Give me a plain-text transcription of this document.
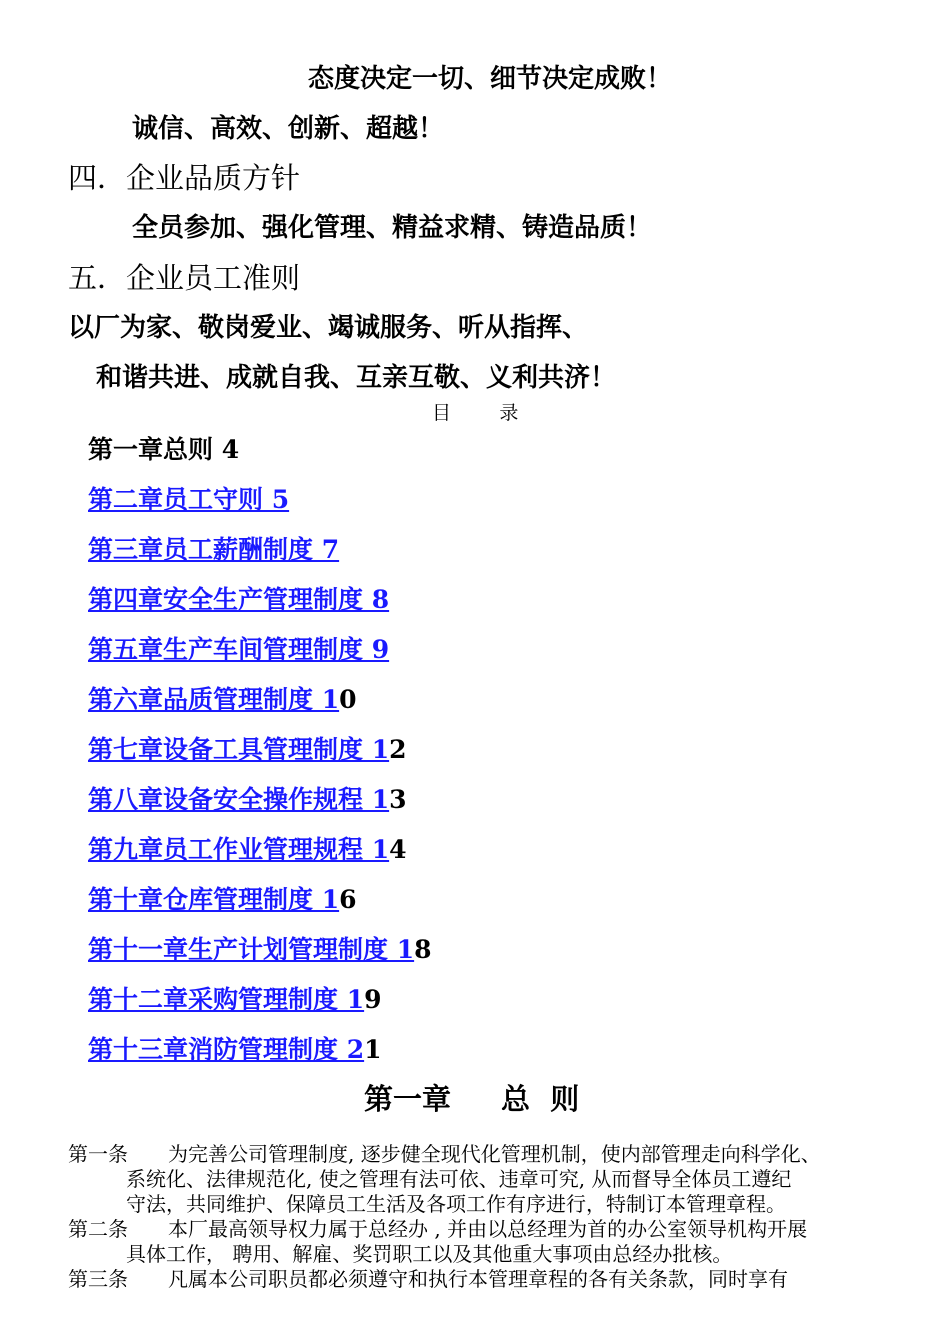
态度决定一切、细节决定成败！
诚信、高效、创新、超越！
四．企业品质方针
全员参加、强化管理、精益求精、铸造品质！
五．企业员工准则
以厂为家、敬岗爱业、竭诚服务、听从指挥、
和谐共进、成就自我、互亲互敬、义利共济！
目        录
第一章总则 4
第二章员工守则 5
第三章员工薪酬制度 7
第四章安全生产管理制度 8
第五章生产车间管理制度 9
第六章品质管理制度 10
第七章设备工具管理制度 12
第八章设备安全操作规程 13
第九章员工作业管理规程 14
第十章仓库管理制度 16
第十一章生产计划管理制度 18
第十二章采购管理制度 19
第十三章消防管理制度 21
第一章 总  则
第一条 为完善公司管理制度, 逐步健全现代化管理机制，使内部管理走向科学化、
系统化、法律规范化, 使之管理有法可依、违章可究, 从而督导全体员工遵纪
守法，共同维护、保障员工生活及各项工作有序进行，特制订本管理章程。
第二条 本厂最高领导权力属于总经办 , 并由以总经理为首的办公室领导机构开展
具体工作， 聘用、解雇、奖罚职工以及其他重大事项由总经办批核。
第三条 凡属本公司职员都必须遵守和执行本管理章程的各有关条款，同时享有
